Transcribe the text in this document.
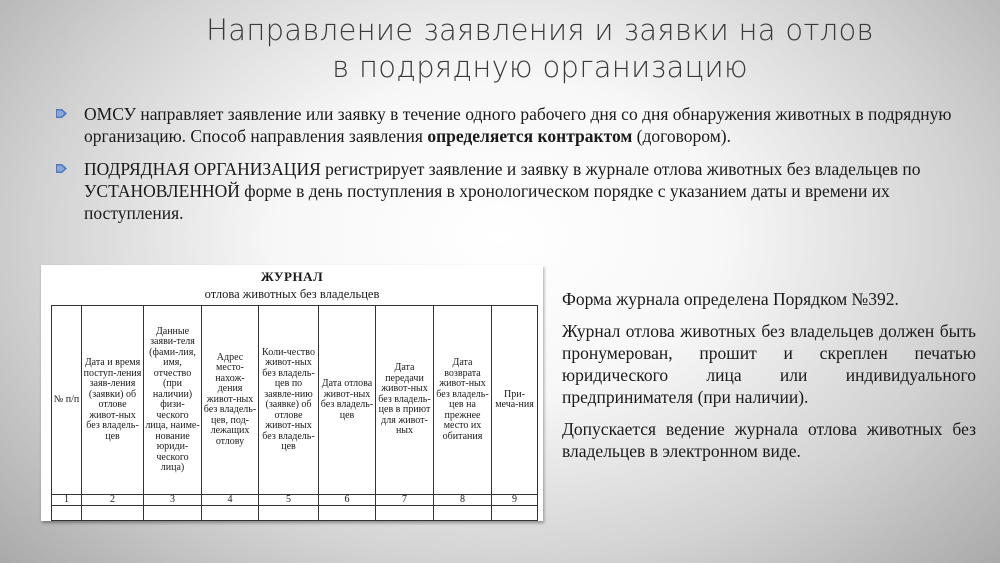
Направление заявления и заявки на отлов
в подрядную организацию
ОМСУ направляет заявление или заявку в течение одного рабочего дня со дня обнаружения животных в подрядную организацию. Способ направления заявления определяется контрактом (договором).
ПОДРЯДНАЯ ОРГАНИЗАЦИЯ регистрирует заявление и заявку в журнале отлова животных без владельцев по УСТАНОВЛЕННОЙ форме в день поступления в хронологическом порядке с указанием даты и времени их поступления.
ЖУРНАЛ
отлова животных без владельцев
№ п/п	Дата и время поступ-ления заяв-ления (заявки) об отлове живот-ных без владель-цев	Данные заяви-теля (фами-лия, имя, отчество (при наличии) физи-ческого лица, наиме-нование юриди-ческого лица)	Адрес место-нахож-дения живот-ных без владель-цев, под-лежащих отлову	Коли-чество живот-ных без владель-цев по заявле-нию (заявке) об отлове живот-ных без владель-цев	Дата отлова живот-ных без владель-цев	Дата передачи живот-ных без владель-цев в приют для живот-ных	Дата возврата живот-ных без владель-цев на прежнее место их обитания	При-меча-ния
1	2	3	4	5	6	7	8	9

Форма журнала определена Порядком №392.

Журнал отлова животных без владельцев должен быть пронумерован, прошит и скреплен печатью юридического лица или индивидуального предпринимателя (при наличии).

Допускается ведение журнала отлова животных без владельцев в электронном виде.
